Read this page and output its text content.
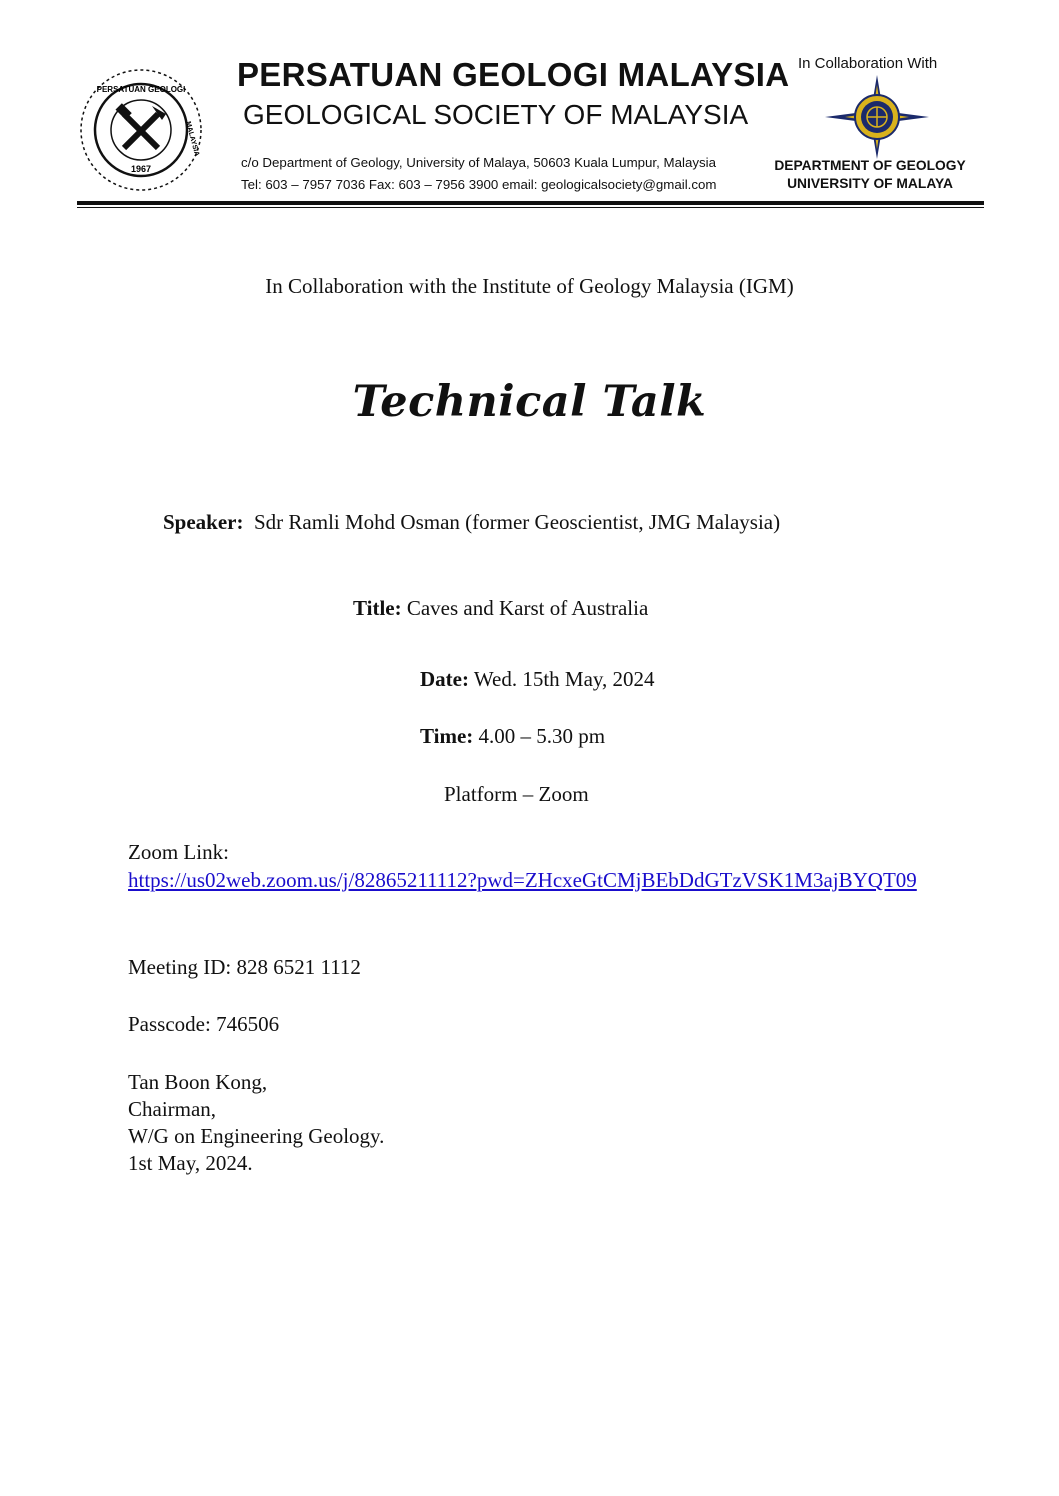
PERSATUAN GEOLOGI
MALAYSIA
1967
PERSATUAN GEOLOGI MALAYSIA
GEOLOGICAL SOCIETY OF MALAYSIA
c/o Department of Geology, University of Malaya, 50603 Kuala Lumpur, Malaysia
Tel: 603 – 7957 7036 Fax: 603 – 7956 3900 email: geologicalsociety@gmail.com
In Collaboration With
DEPARTMENT OF GEOLOGY
UNIVERSITY OF MALAYA
In Collaboration with the Institute of Geology Malaysia (IGM)
Technical Talk
Speaker: Sdr Ramli Mohd Osman (former Geoscientist, JMG Malaysia)
Title: Caves and Karst of Australia
Date: Wed. 15th May, 2024
Time: 4.00 – 5.30 pm
Platform – Zoom
Zoom Link:
https://us02web.zoom.us/j/82865211112?pwd=ZHcxeGtCMjBEbDdGTzVSK1M3ajBYQT09
Meeting ID: 828 6521 1112
Passcode: 746506
Tan Boon Kong,
Chairman,
W/G on Engineering Geology.
1st May, 2024.
